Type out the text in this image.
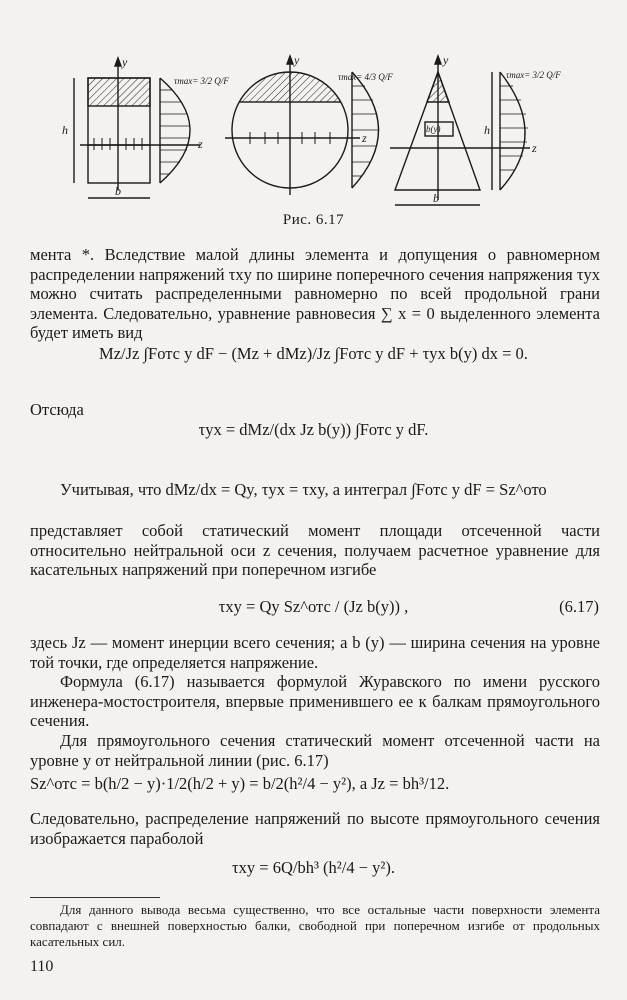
y
z
h
b
τmax= 3/2 Q/F
y
z
τmax= 4/3 Q/F
y
z
b(y)	h
b
τmax= 3/2 Q/F
Рис. 6.17
мента *. Вследствие малой длины элемента и допущения о равномерном распределении напряжений τxy по ширине поперечного сечения напряжения τyx можно считать распределенными равномерно по всей продольной грани элемента. Следовательно, уравнение равновесия ∑ x = 0 выделенного элемента будет иметь вид
Mz/Jz ∫Fотс y dF − (Mz + dMz)/Jz ∫Fотс y dF + τyx b(y) dx = 0.
Отсюда
τyx = dMz/(dx Jz b(y)) ∫Fотс y dF.
Учитывая, что dMz/dx = Qy, τyx = τxy, а интеграл ∫Fотс y dF = Sz^ото
представляет собой статический момент площади отсеченной части относительно нейтральной оси z сечения, получаем расчетное уравнение для касательных напряжений при поперечном изгибе
τxy = Qy Sz^отс / (Jz b(y)) ,	(6.17)
здесь Jz — момент инерции всего сечения; а b (y) — ширина сечения на уровне той точки, где определяется напряжение.
Формула (6.17) называется формулой Журавского по имени русского инженера-мостостроителя, впервые применившего ее к балкам прямоугольного сечения.
Для прямоугольного сечения статический момент отсеченной части на уровне y от нейтральной линии (рис. 6.17)
Sz^отс = b(h/2 − y)·1/2(h/2 + y) = b/2(h²/4 − y²), а Jz = bh³/12.
Следовательно, распределение напряжений по высоте прямоугольного сечения изображается параболой
τxy = 6Q/bh³ (h²/4 − y²).
Для данного вывода весьма существенно, что все остальные части поверхности элемента совпадают с внешней поверхностью балки, свободной при поперечном изгибе от продольных касательных сил.
110
